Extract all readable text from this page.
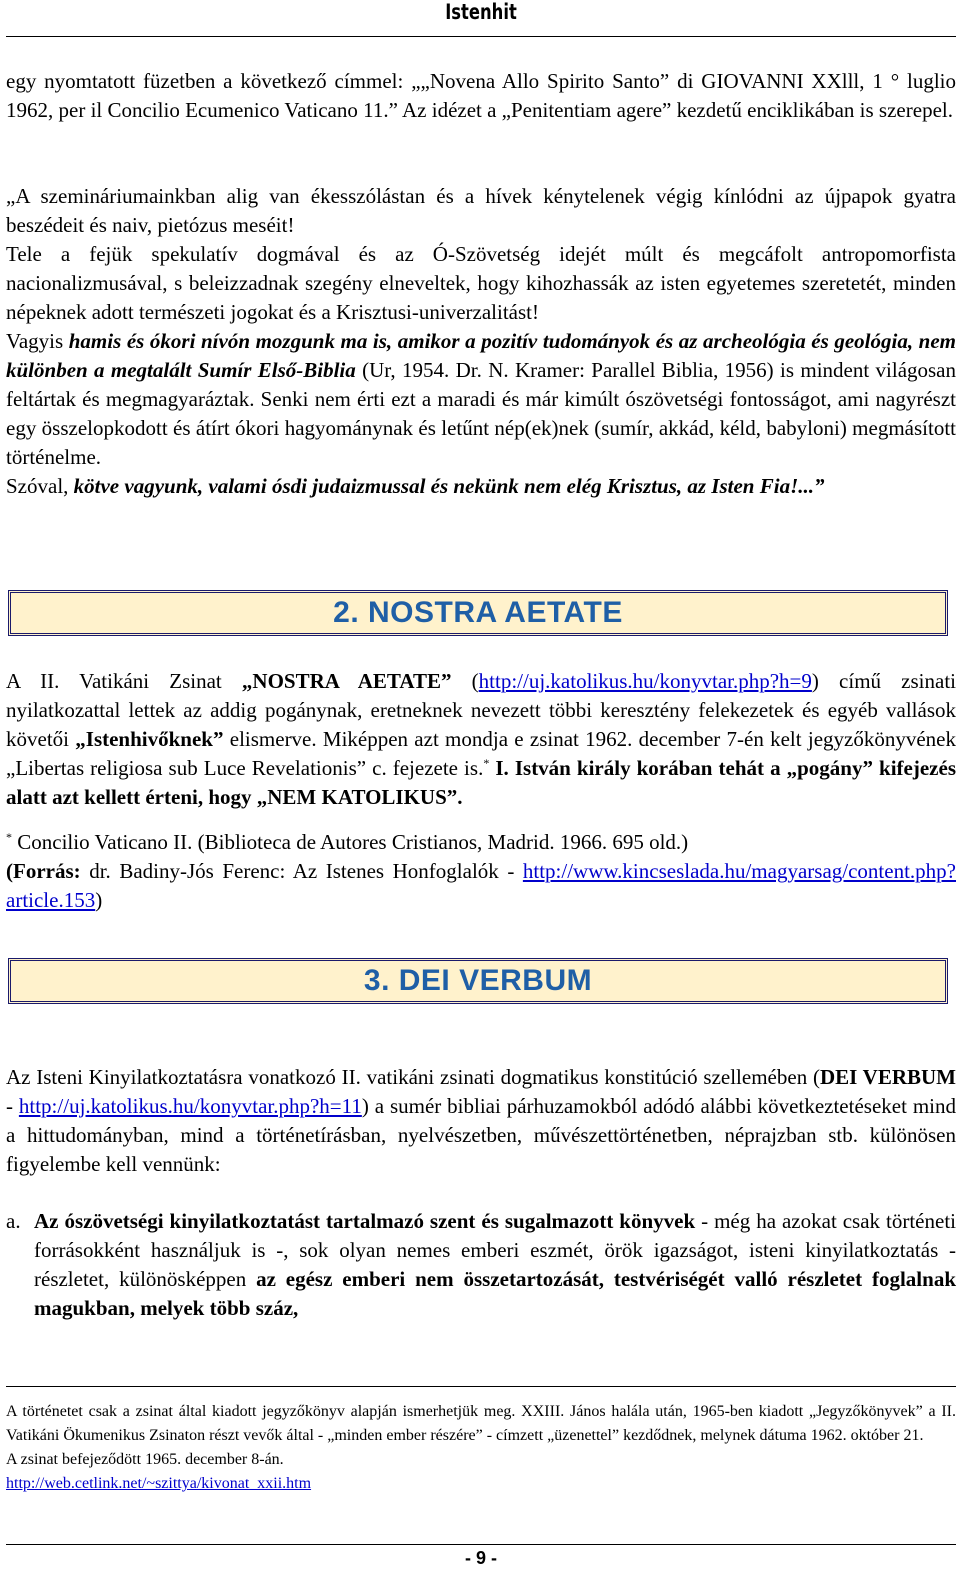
Istenhit

egy nyomtatott füzetben a következő címmel: „„Novena Allo Spirito Santo” di GIOVANNI XXlll, 1 ° luglio 1962, per il Concilio Ecumenico Vaticano 11.” Az idézet a „Penitentiam agere” kezdetű enciklikában is szerepel.

„A szemináriumainkban alig van ékesszólástan és a hívek kénytelenek végig kínlódni az újpapok gyatra beszédeit és naiv, pietózus meséit!

Tele a fejük spekulatív dogmával és az Ó-Szövetség idejét múlt és megcáfolt antropomorfista nacionalizmusával, s beleizzadnak szegény elneveltek, hogy kihozhassák az isten egyetemes szeretetét, minden népeknek adott természeti jogokat és a Krisztusi-univerzalitást!

Vagyis hamis és ókori nívón mozgunk ma is, amikor a pozitív tudományok és az archeológia és geológia, nem különben a megtalált Sumír Első-Biblia (Ur, 1954. Dr. N. Kramer: Parallel Biblia, 1956) is mindent világosan feltártak és megmagyaráztak. Senki nem érti ezt a maradi és már kimúlt ószövetségi fontosságot, ami nagyrészt egy összelopkodott és átírt ókori hagyománynak és letűnt nép(ek)nek (sumír, akkád, kéld, babyloni) megmásított történelme.

Szóval, kötve vagyunk, valami ósdi judaizmussal és nekünk nem elég Krisztus, az Isten Fia!...”

2. NOSTRA AETATE

A II. Vatikáni Zsinat „NOSTRA AETATE” (http://uj.katolikus.hu/konyvtar.php?h=9) című zsinati nyilatkozattal lettek az addig pogánynak, eretneknek nevezett többi keresztény felekezetek és egyéb vallások követői „Istenhivőknek” elismerve. Miképpen azt mondja e zsinat 1962. december 7-én kelt jegyzőkönyvének „Libertas religiosa sub Luce Revelationis” c. fejezete is.* I. István király korában tehát a „pogány” kifejezés alatt azt kellett érteni, hogy „NEM KATOLIKUS”.

* Concilio Vaticano II. (Biblioteca de Autores Cristianos, Madrid. 1966. 695 old.)

(Forrás: dr. Badiny-Jós Ferenc: Az Istenes Honfoglalók - http://www.kincseslada.hu/magyarsag/content.php?article.153)

3. DEI VERBUM

Az Isteni Kinyilatkoztatásra vonatkozó II. vatikáni zsinati dogmatikus konstitúció szellemében (DEI VERBUM - http://uj.katolikus.hu/konyvtar.php?h=11) a sumér bibliai párhuzamokból adódó alábbi következtetéseket mind a hittudományban, mind a történetírásban, nyelvészetben, művészettörténetben, néprajzban stb. különösen figyelembe kell vennünk:

a. Az ószövetségi kinyilatkoztatást tartalmazó szent és sugalmazott könyvek - még ha azokat csak történeti forrásokként használjuk is -, sok olyan nemes emberi eszmét, örök igazságot, isteni kinyilatkoztatás - részletet, különösképpen az egész emberi nem összetartozását, testvériségét valló részletet foglalnak magukban, melyek több száz,

A történetet csak a zsinat által kiadott jegyzőkönyv alapján ismerhetjük meg. XXIII. János halála után, 1965-ben kiadott „Jegyzőkönyvek” a II. Vatikáni Ökumenikus Zsinaton részt vevők által - „minden ember részére” - címzett „üzenettel” kezdődnek, melynek dátuma 1962. október 21.

A zsinat befejeződött 1965. december 8-án.

http://web.cetlink.net/~szittya/kivonat_xxii.htm

- 9 -
